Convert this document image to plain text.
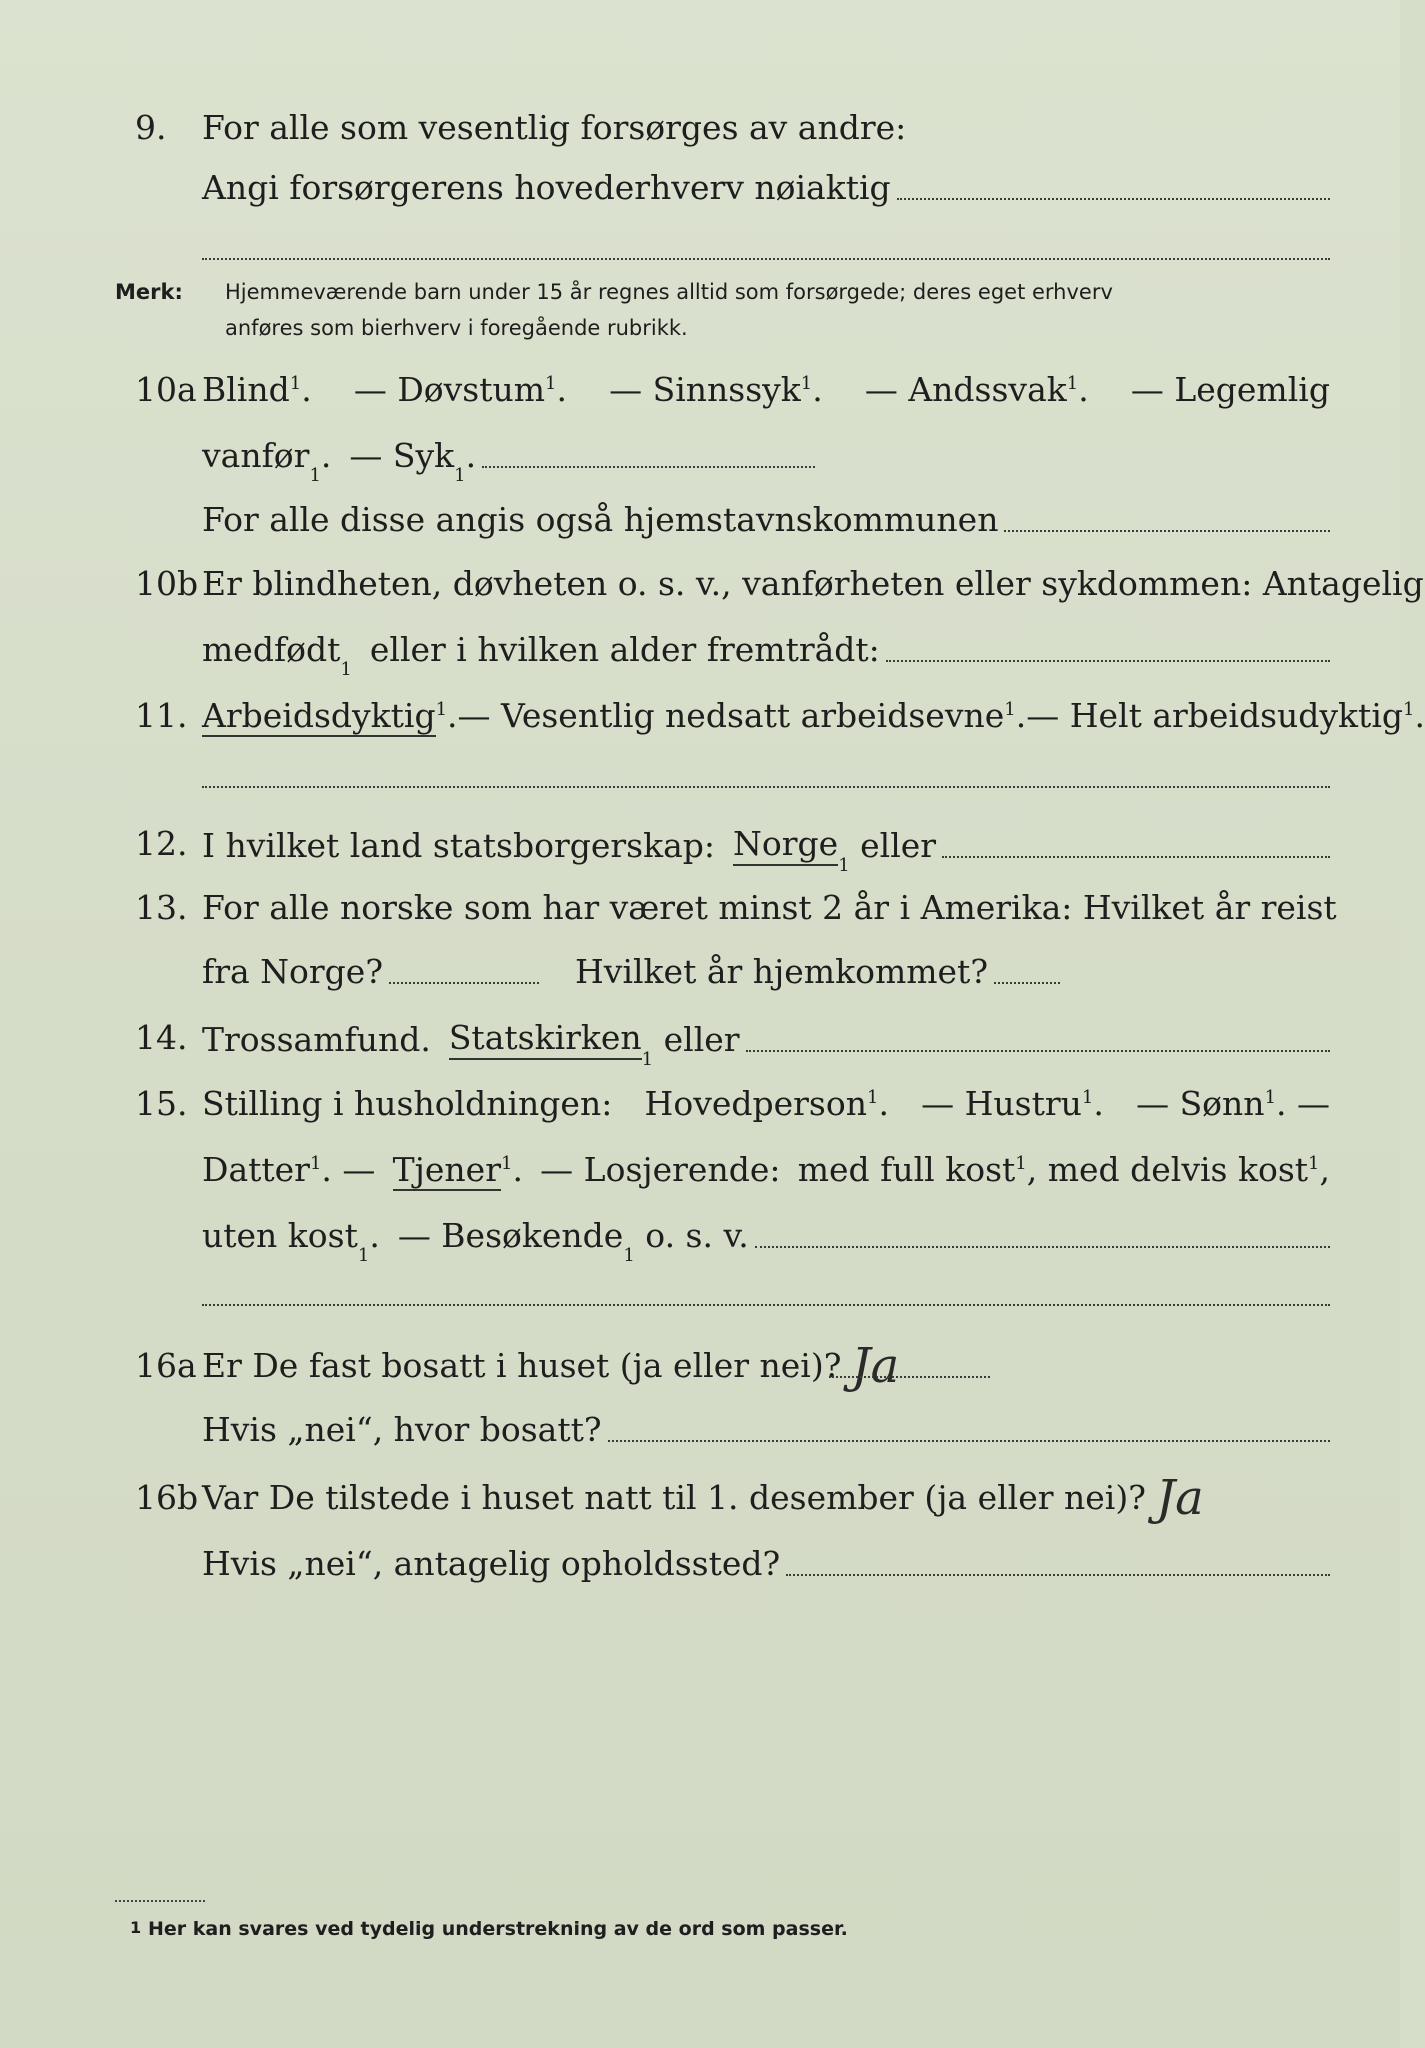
9. For alle som vesentlig forsørges av andre:
Angi forsørgerens hovederhverv nøiaktig
Merk: Hjemmeværende barn under 15 år regnes alltid som forsørgede; deres eget erhverv
anføres som bierhverv i foregående rubrikk.
10a Blind$^1$. — Døvstum$^1$. — Sinnssyk$^1$. — Andssvak$^1$. — Legemlig
vanfør
1
. — Syk
1
.
For alle disse angis også hjemstavnskommunen
10b Er blindheten, døvheten o. s. v., vanførheten eller sykdommen: Antagelig
medfødt
1
eller i hvilken alder fremtrådt:
11. Arbeidsdyktig$^1$. — Vesentlig nedsatt arbeidsevne$^1$. — Helt arbeidsudyktig$^1$.
12. I hvilket land statsborgerskap: Norge
1

eller
13. For alle norske som har været minst 2 år i Amerika: Hvilket år reist
fra Norge?	Hvilket år hjemkommet?
14. Trossamfund. Statskirken
1

eller
15. Stilling i husholdningen: Hovedperson$^1$. — Hustru$^1$. — Sønn$^1$. —
Datter$^1$. — Tjener$^1$. — Losjerende: med full kost$^1$, med delvis kost$^1$,
uten kost
1
. — Besøkende
1

o. s. v.
16a Er De fast bosatt i huset (ja eller nei)? Ja
Hvis „nei“, hvor bosatt?
16b Var De tilstede i huset natt til 1. desember (ja eller nei)? Ja
Hvis „nei“, antagelig opholdssted?
1 Her kan svares ved tydelig understrekning av de ord som passer.
